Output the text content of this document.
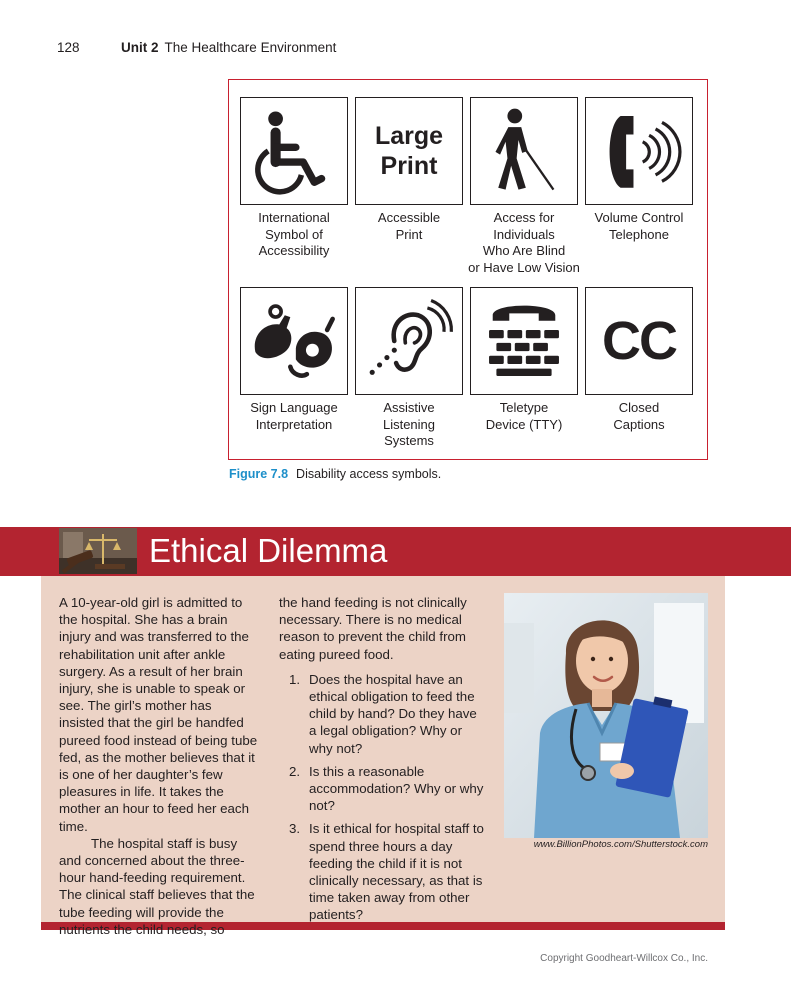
128	Unit 2 The Healthcare Environment
International
Symbol of
Accessibility
Large
Print
Accessible
Print
Access for
Individuals
Who Are Blind
or Have Low Vision
Volume Control
Telephone
Sign Language
Interpretation
Assistive
Listening
Systems
Teletype
Device (TTY)
CC
Closed
Captions
Figure 7.8 Disability access symbols.
Ethical Dilemma

A 10-year-old girl is admitted to the hospital. She has a brain injury and was transferred to the rehabilitation unit after ankle surgery. As a result of her brain injury, she is unable to speak or see. The girl’s mother has insisted that the girl be handfed pureed food instead of being tube fed, as the mother believes that it is one of her daughter’s few pleasures in life. It takes the mother an hour to feed her each time.

The hospital staff is busy and concerned about the three-hour hand-feeding requirement. The clinical staff believes that the tube feeding will provide the nutrients the child needs, so

the hand feeding is not clinically necessary. There is no medical reason to prevent the child from eating pureed food.

1. Does the hospital have an ethical obligation to feed the child by hand? Do they have a legal obligation? Why or why not?
2. Is this a reasonable accommodation? Why or why not?
3. Is it ethical for hospital staff to spend three hours a day feeding the child if it is not clinically necessary, as that is time taken away from other patients?
www.BillionPhotos.com/Shutterstock.com
Copyright Goodheart-Willcox Co., Inc.
